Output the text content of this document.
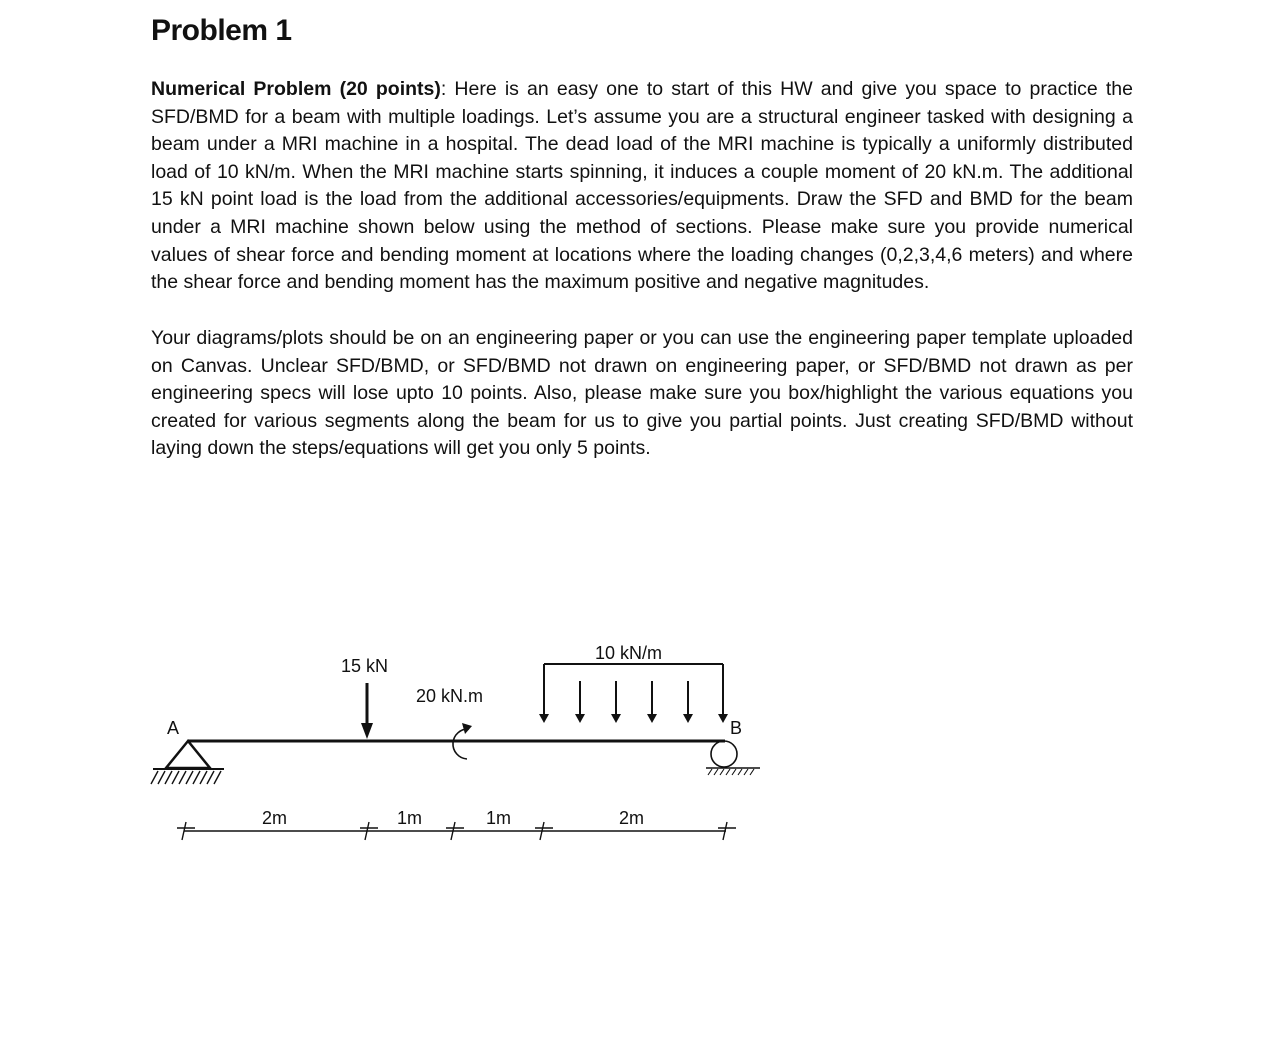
Problem 1

Numerical Problem (20 points): Here is an easy one to start of this HW and give you space to practice the SFD/BMD for a beam with multiple loadings. Let’s assume you are a structural engineer tasked with designing a beam under a MRI machine in a hospital. The dead load of the MRI machine is typically a uniformly distributed load of 10 kN/m. When the MRI machine starts spinning, it induces a couple moment of 20 kN.m. The additional 15 kN point load is the load from the additional accessories/equipments. Draw the SFD and BMD for the beam under a MRI machine shown below using the method of sections. Please make sure you provide numerical values of shear force and bending moment at locations where the loading changes (0,2,3,4,6 meters) and where the shear force and bending moment has the maximum positive and negative magnitudes.

Your diagrams/plots should be on an engineering paper or you can use the engineering paper template uploaded on Canvas. Unclear SFD/BMD, or SFD/BMD not drawn on engineering paper, or SFD/BMD not drawn as per engineering specs will lose upto 10 points. Also, please make sure you box/highlight the various equations you created for various segments along the beam for us to give you partial points. Just creating SFD/BMD without laying down the steps/equations will get you only 5 points.

A	B
15 kN
20 kN.m
10 kN/m
2m	1m	1m	2m
